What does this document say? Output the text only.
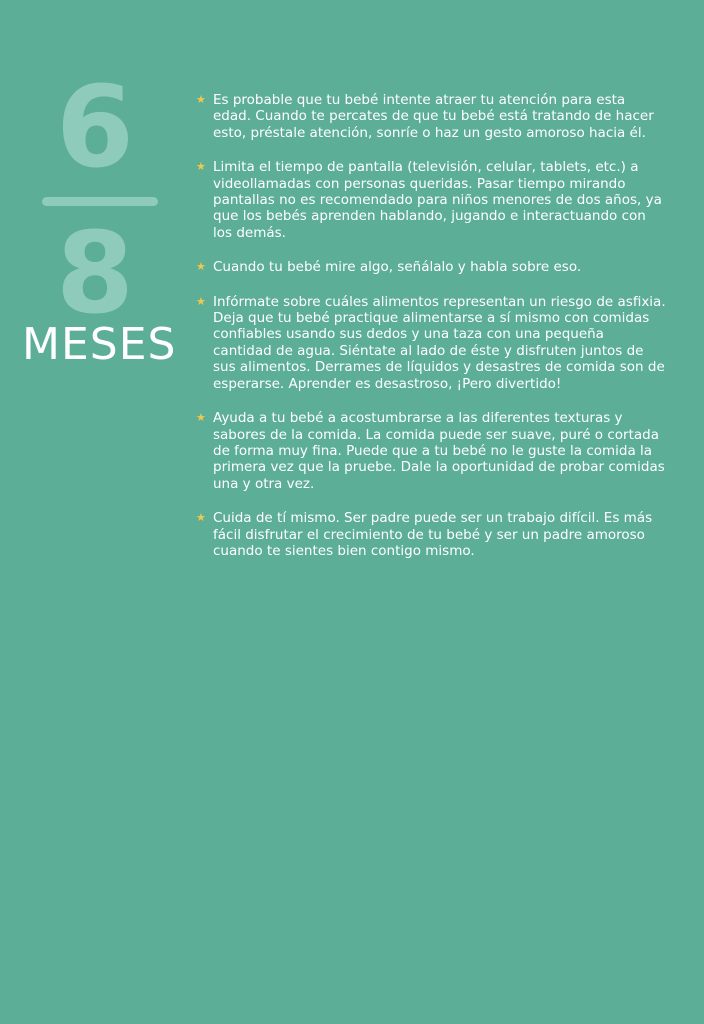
6
8
MESES
★ Es probable que tu bebé intente atraer tu atención para esta edad. Cuando te percates de que tu bebé está tratando de hacer esto, préstale atención, sonríe o haz un gesto amoroso hacia él.
★ Limita el tiempo de pantalla (televisión, celular, tablets, etc.) a videollamadas con personas queridas. Pasar tiempo mirando pantallas no es recomendado para niños menores de dos años, ya que los bebés aprenden hablando, jugando e interactuando con los demás.
★ Cuando tu bebé mire algo, señálalo y habla sobre eso.
★ Infórmate sobre cuáles alimentos representan un riesgo de asfixia. Deja que tu bebé practique alimentarse a sí mismo con comidas confiables usando sus dedos y una taza con una pequeña cantidad de agua. Siéntate al lado de éste y disfruten juntos de sus alimentos. Derrames de líquidos y desastres de comida son de esperarse. Aprender es desastroso, ¡Pero divertido!
★ Ayuda a tu bebé a acostumbrarse a las diferentes texturas y sabores de la comida. La comida puede ser suave, puré o cortada de forma muy fina. Puede que a tu bebé no le guste la comida la primera vez que la pruebe. Dale la oportunidad de probar comidas una y otra vez.
★ Cuida de tí mismo. Ser padre puede ser un trabajo difícil. Es más fácil disfrutar el crecimiento de tu bebé y ser un padre amoroso cuando te sientes bien contigo mismo.
